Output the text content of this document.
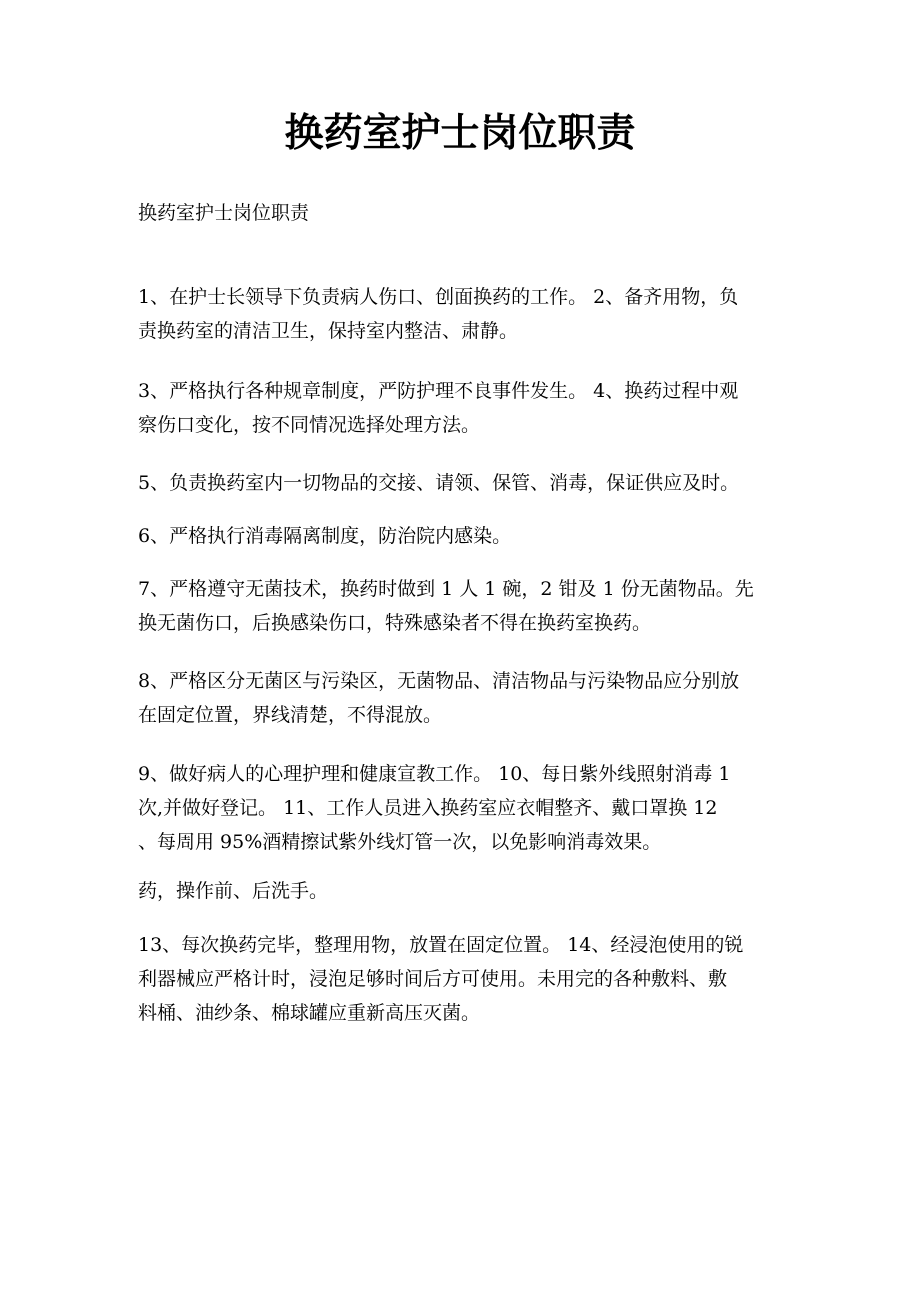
换药室护士岗位职责

换药室护士岗位职责

1、在护士长领导下负责病人伤口、创面换药的工作。 2、备齐用物，负
责换药室的清洁卫生，保持室内整洁、肃静。

3、严格执行各种规章制度，严防护理不良事件发生。 4、换药过程中观
察伤口变化，按不同情况选择处理方法。

5、负责换药室内一切物品的交接、请领、保管、消毒，保证供应及时。

6、严格执行消毒隔离制度，防治院内感染。

7、严格遵守无菌技术，换药时做到 1 人 1 碗，2 钳及 1 份无菌物品。先
换无菌伤口，后换感染伤口，特殊感染者不得在换药室换药。

8、严格区分无菌区与污染区，无菌物品、清洁物品与污染物品应分别放
在固定位置，界线清楚，不得混放。

9、做好病人的心理护理和健康宣教工作。 10、每日紫外线照射消毒 1
次,并做好登记。 11、工作人员进入换药室应衣帽整齐、戴口罩换 12
、每周用 95%酒精擦试紫外线灯管一次，以免影响消毒效果。

药，操作前、后洗手。

13、每次换药完毕，整理用物，放置在固定位置。 14、经浸泡使用的锐
利器械应严格计时，浸泡足够时间后方可使用。未用完的各种敷料、敷
料桶、油纱条、棉球罐应重新高压灭菌。
